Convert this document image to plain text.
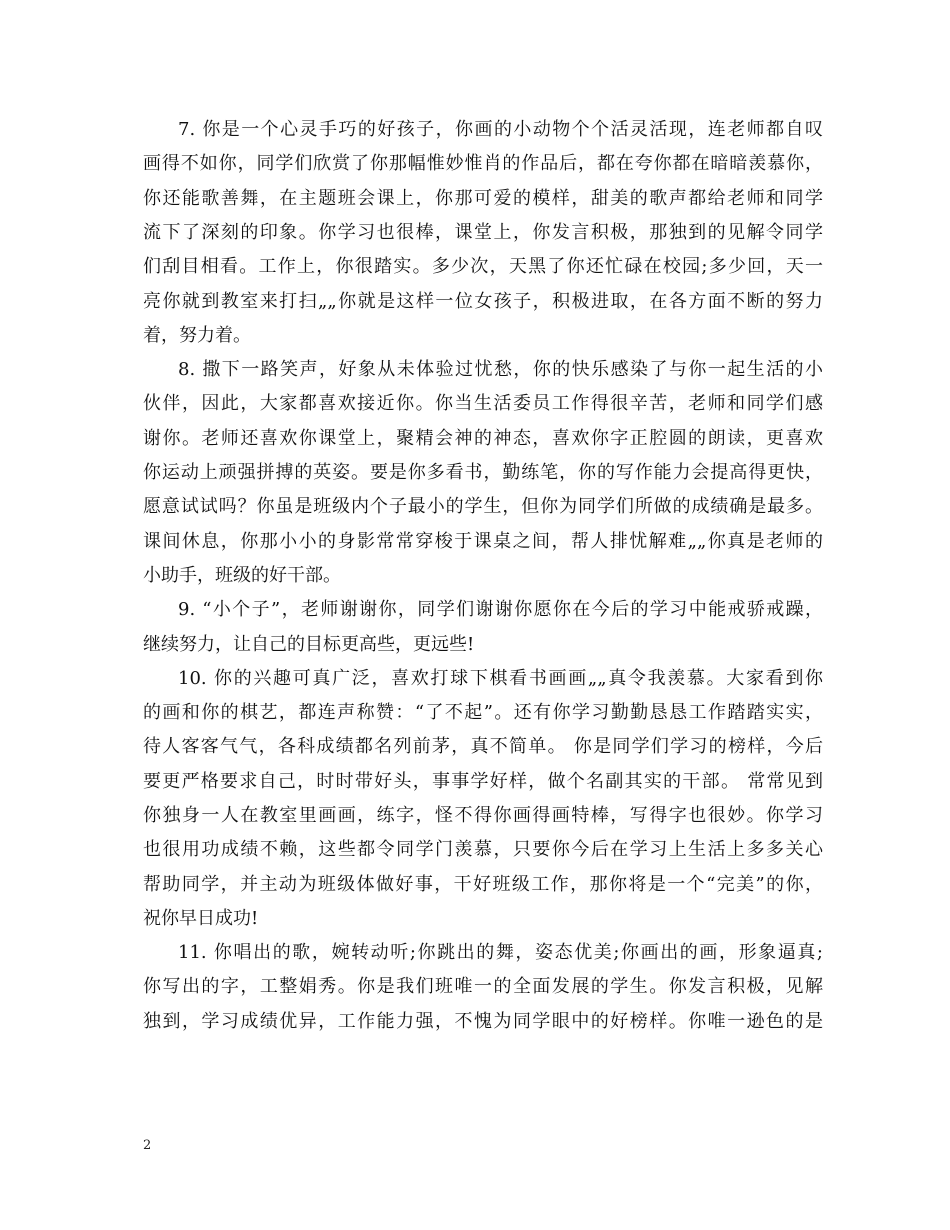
7. 你是一个心灵手巧的好孩子，你画的小动物个个活灵活现，连老师都自叹
画得不如你，同学们欣赏了你那幅惟妙惟肖的作品后，都在夸你都在暗暗羡慕你，
你还能歌善舞，在主题班会课上，你那可爱的模样，甜美的歌声都给老师和同学
流下了深刻的印象。你学习也很棒，课堂上，你发言积极，那独到的见解令同学
们刮目相看。工作上，你很踏实。多少次，天黑了你还忙碌在校园;多少回，天一
亮你就到教室来打扫„„你就是这样一位女孩子，积极进取，在各方面不断的努力
着，努力着。
8. 撒下一路笑声，好象从未体验过忧愁，你的快乐感染了与你一起生活的小
伙伴，因此，大家都喜欢接近你。你当生活委员工作得很辛苦，老师和同学们感
谢你。老师还喜欢你课堂上，聚精会神的神态，喜欢你字正腔圆的朗读，更喜欢
你运动上顽强拼搏的英姿。要是你多看书，勤练笔，你的写作能力会提高得更快，
愿意试试吗？你虽是班级内个子最小的学生，但你为同学们所做的成绩确是最多。
课间休息，你那小小的身影常常穿梭于课桌之间，帮人排忧解难„„你真是老师的
小助手，班级的好干部。
9. “小个子”，老师谢谢你，同学们谢谢你愿你在今后的学习中能戒骄戒躁，
继续努力，让自己的目标更高些，更远些!
10. 你的兴趣可真广泛，喜欢打球下棋看书画画„„真令我羡慕。大家看到你
的画和你的棋艺，都连声称赞：“了不起”。还有你学习勤勤恳恳工作踏踏实实，
待人客客气气，各科成绩都名列前茅，真不简单。 你是同学们学习的榜样，今后
要更严格要求自己，时时带好头，事事学好样，做个名副其实的干部。 常常见到
你独身一人在教室里画画，练字，怪不得你画得画特棒，写得字也很妙。你学习
也很用功成绩不赖，这些都令同学门羡慕，只要你今后在学习上生活上多多关心
帮助同学，并主动为班级体做好事，干好班级工作，那你将是一个“完美”的你，
祝你早日成功!
11. 你唱出的歌，婉转动听;你跳出的舞，姿态优美;你画出的画，形象逼真;
你写出的字，工整娟秀。你是我们班唯一的全面发展的学生。你发言积极，见解
独到，学习成绩优异，工作能力强，不愧为同学眼中的好榜样。你唯一逊色的是
2
